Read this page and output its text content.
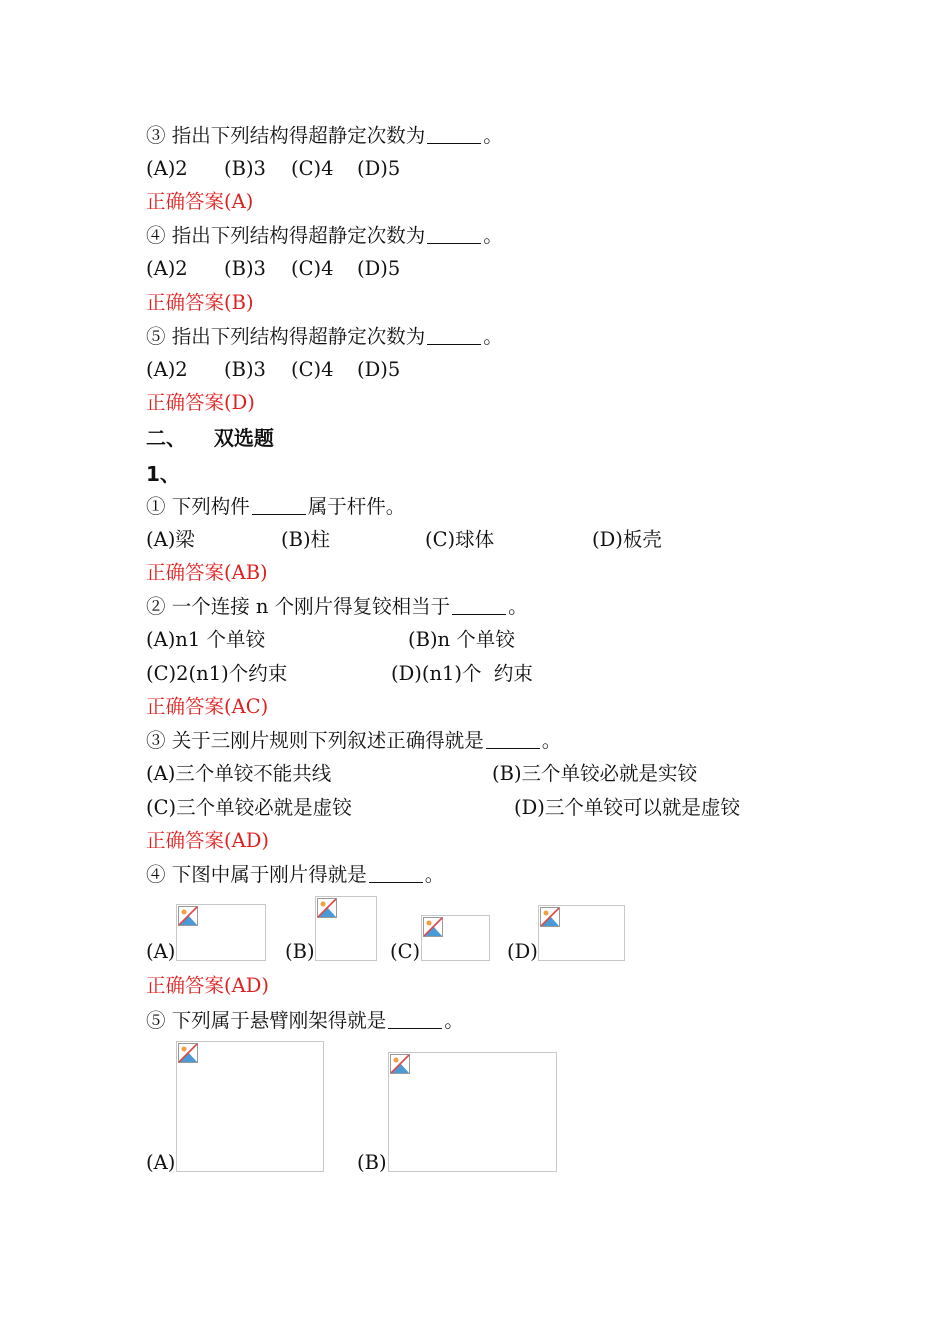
③ 指出下列结构得超静定次数为	。
(A)2 (B)3 (C)4 (D)5
正确答案(A)
④ 指出下列结构得超静定次数为	。
(A)2 (B)3 (C)4 (D)5
正确答案(B)
⑤ 指出下列结构得超静定次数为	。
(A)2 (B)3 (C)4 (D)5
正确答案(D)
二、    双选题
1、
① 下列构件	属于杆件。
(A)梁	(B)柱	(C)球体	(D)板壳
正确答案(AB)
② 一个连接 n 个刚片得复铰相当于	。
(A)n1 个单铰	(B)n 个单铰
(C)2(n1)个约束	(D)(n1)个  约束
正确答案(AC)
③ 关于三刚片规则下列叙述正确得就是	。
(A)三个单铰不能共线	(B)三个单铰必就是实铰
(C)三个单铰必就是虚铰	(D)三个单铰可以就是虚铰
正确答案(AD)
④ 下图中属于刚片得就是	。
(A)	(B)	(C)	(D)
正确答案(AD)
⑤ 下列属于悬臂刚架得就是	。
(A)	(B)
